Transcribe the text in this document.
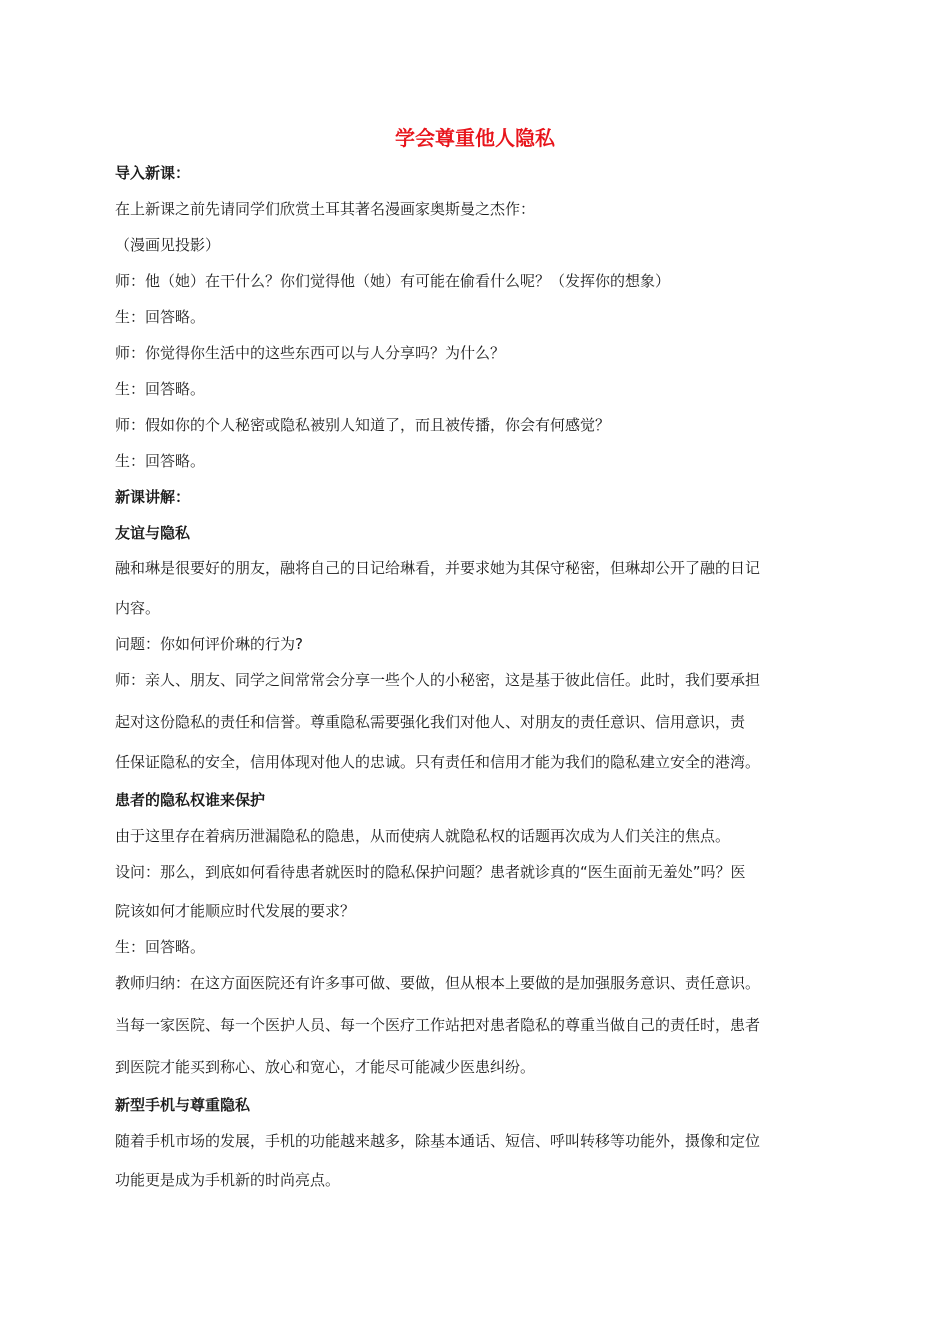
学会尊重他人隐私
导入新课：
在上新课之前先请同学们欣赏土耳其著名漫画家奥斯曼之杰作：
（漫画见投影）
师：他（她）在干什么？你们觉得他（她）有可能在偷看什么呢？（发挥你的想象）
生：回答略。
师：你觉得你生活中的这些东西可以与人分享吗？为什么？
生：回答略。
师：假如你的个人秘密或隐私被别人知道了，而且被传播，你会有何感觉？
生：回答略。
新课讲解：
友谊与隐私
融和琳是很要好的朋友，融将自己的日记给琳看，并要求她为其保守秘密，但琳却公开了融的日记
内容。
问题：你如何评价琳的行为?
师：亲人、朋友、同学之间常常会分享一些个人的小秘密，这是基于彼此信任。此时，我们要承担
起对这份隐私的责任和信誉。尊重隐私需要强化我们对他人、对朋友的责任意识、信用意识，责
任保证隐私的安全，信用体现对他人的忠诚。只有责任和信用才能为我们的隐私建立安全的港湾。
患者的隐私权谁来保护
由于这里存在着病历泄漏隐私的隐患，从而使病人就隐私权的话题再次成为人们关注的焦点。
设问：那么，到底如何看待患者就医时的隐私保护问题？患者就诊真的“医生面前无羞处”吗？医
院该如何才能顺应时代发展的要求？
生：回答略。
教师归纳：在这方面医院还有许多事可做、要做，但从根本上要做的是加强服务意识、责任意识。
当每一家医院、每一个医护人员、每一个医疗工作站把对患者隐私的尊重当做自己的责任时，患者
到医院才能买到称心、放心和宽心，才能尽可能减少医患纠纷。
新型手机与尊重隐私
随着手机市场的发展，手机的功能越来越多，除基本通话、短信、呼叫转移等功能外，摄像和定位
功能更是成为手机新的时尚亮点。
